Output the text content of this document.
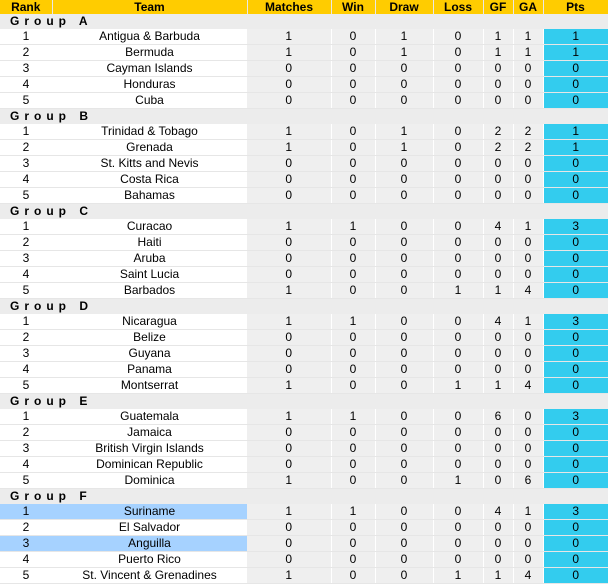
Rank	Team	Matches	Win	Draw	Loss	GF	GA	Pts
Group A								
1	Antigua & Barbuda	1	0	1	0	1	1	1
2	Bermuda	1	0	1	0	1	1	1
3	Cayman Islands	0	0	0	0	0	0	0
4	Honduras	0	0	0	0	0	0	0
5	Cuba	0	0	0	0	0	0	0
Group B								
1	Trinidad & Tobago	1	0	1	0	2	2	1
2	Grenada	1	0	1	0	2	2	1
3	St. Kitts and Nevis	0	0	0	0	0	0	0
4	Costa Rica	0	0	0	0	0	0	0
5	Bahamas	0	0	0	0	0	0	0
Group C								
1	Curacao	1	1	0	0	4	1	3
2	Haiti	0	0	0	0	0	0	0
3	Aruba	0	0	0	0	0	0	0
4	Saint Lucia	0	0	0	0	0	0	0
5	Barbados	1	0	0	1	1	4	0
Group D								
1	Nicaragua	1	1	0	0	4	1	3
2	Belize	0	0	0	0	0	0	0
3	Guyana	0	0	0	0	0	0	0
4	Panama	0	0	0	0	0	0	0
5	Montserrat	1	0	0	1	1	4	0
Group E								
1	Guatemala	1	1	0	0	6	0	3
2	Jamaica	0	0	0	0	0	0	0
3	British Virgin Islands	0	0	0	0	0	0	0
4	Dominican Republic	0	0	0	0	0	0	0
5	Dominica	1	0	0	1	0	6	0
Group F								
1	Suriname	1	1	0	0	4	1	3
2	El Salvador	0	0	0	0	0	0	0
3	Anguilla	0	0	0	0	0	0	0
4	Puerto Rico	0	0	0	0	0	0	0
5	St. Vincent & Grenadines	1	0	0	1	1	4	0
